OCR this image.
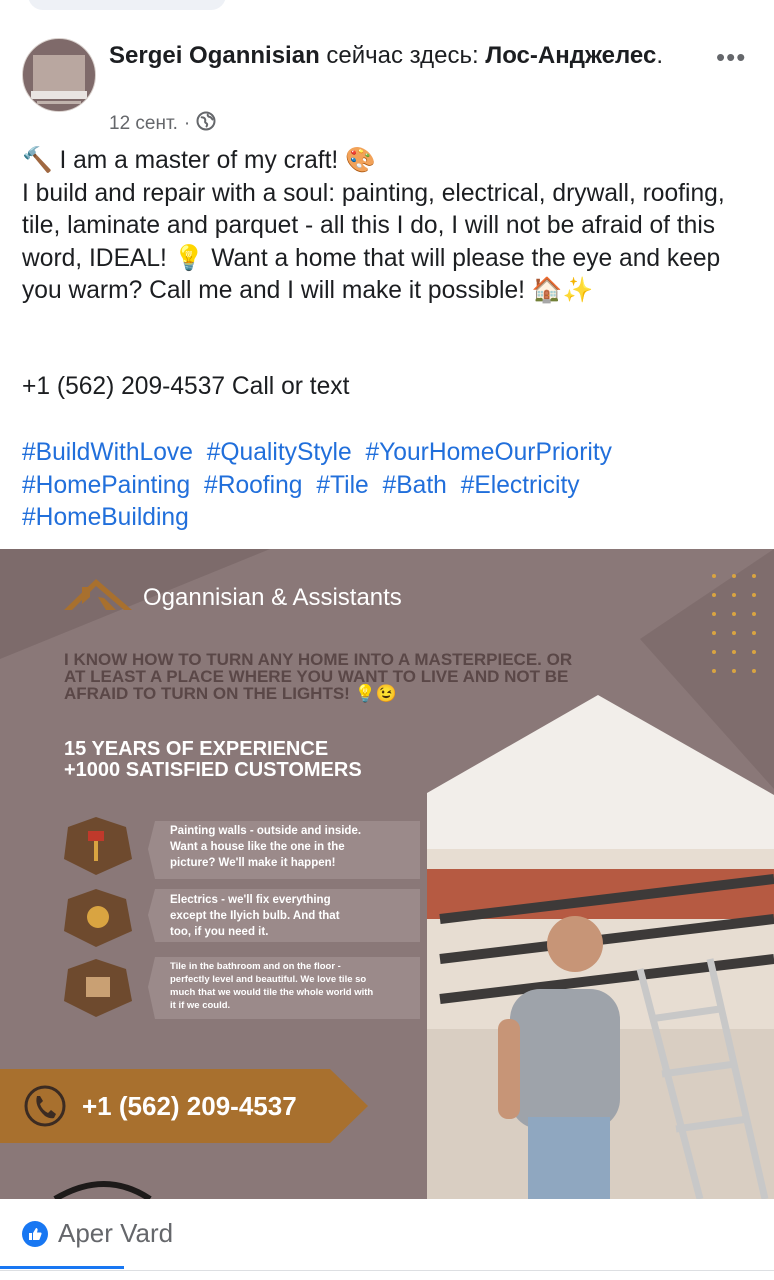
Sergei Ogannisian сейчас здесь: Лос-Анджелес.
12 сент. ·
•••

🔨 I am a master of my craft! 🎨

I build and repair with a soul: painting, electrical, drywall, roofing, tile, laminate and parquet - all this I do, I will not be afraid of this word, IDEAL! 💡 Want a home that will please the eye and keep you warm? Call me and I will make it possible! 🏠✨

+1 (562) 209-4537 Call or text
#BuildWithLove #QualityStyle #YourHomeOurPriority #HomePainting #Roofing #Tile #Bath #Electricity #HomeBuilding
Ogannisian & Assistants
I KNOW HOW TO TURN ANY HOME INTO A MASTERPIECE. OR
AT LEAST A PLACE WHERE YOU WANT TO LIVE AND NOT BE
AFRAID TO TURN ON THE LIGHTS! 💡😉
15 YEARS OF EXPERIENCE
+1000 SATISFIED CUSTOMERS
Painting walls - outside and inside.
Want a house like the one in the
picture? We'll make it happen!
Electrics - we'll fix everything
except the Ilyich bulb. And that
too, if you need it.
Tile in the bathroom and on the floor -
perfectly level and beautiful. We love tile so
much that we would tile the whole world with
it if we could.
+1 (562) 209-4537
Aper Vard
